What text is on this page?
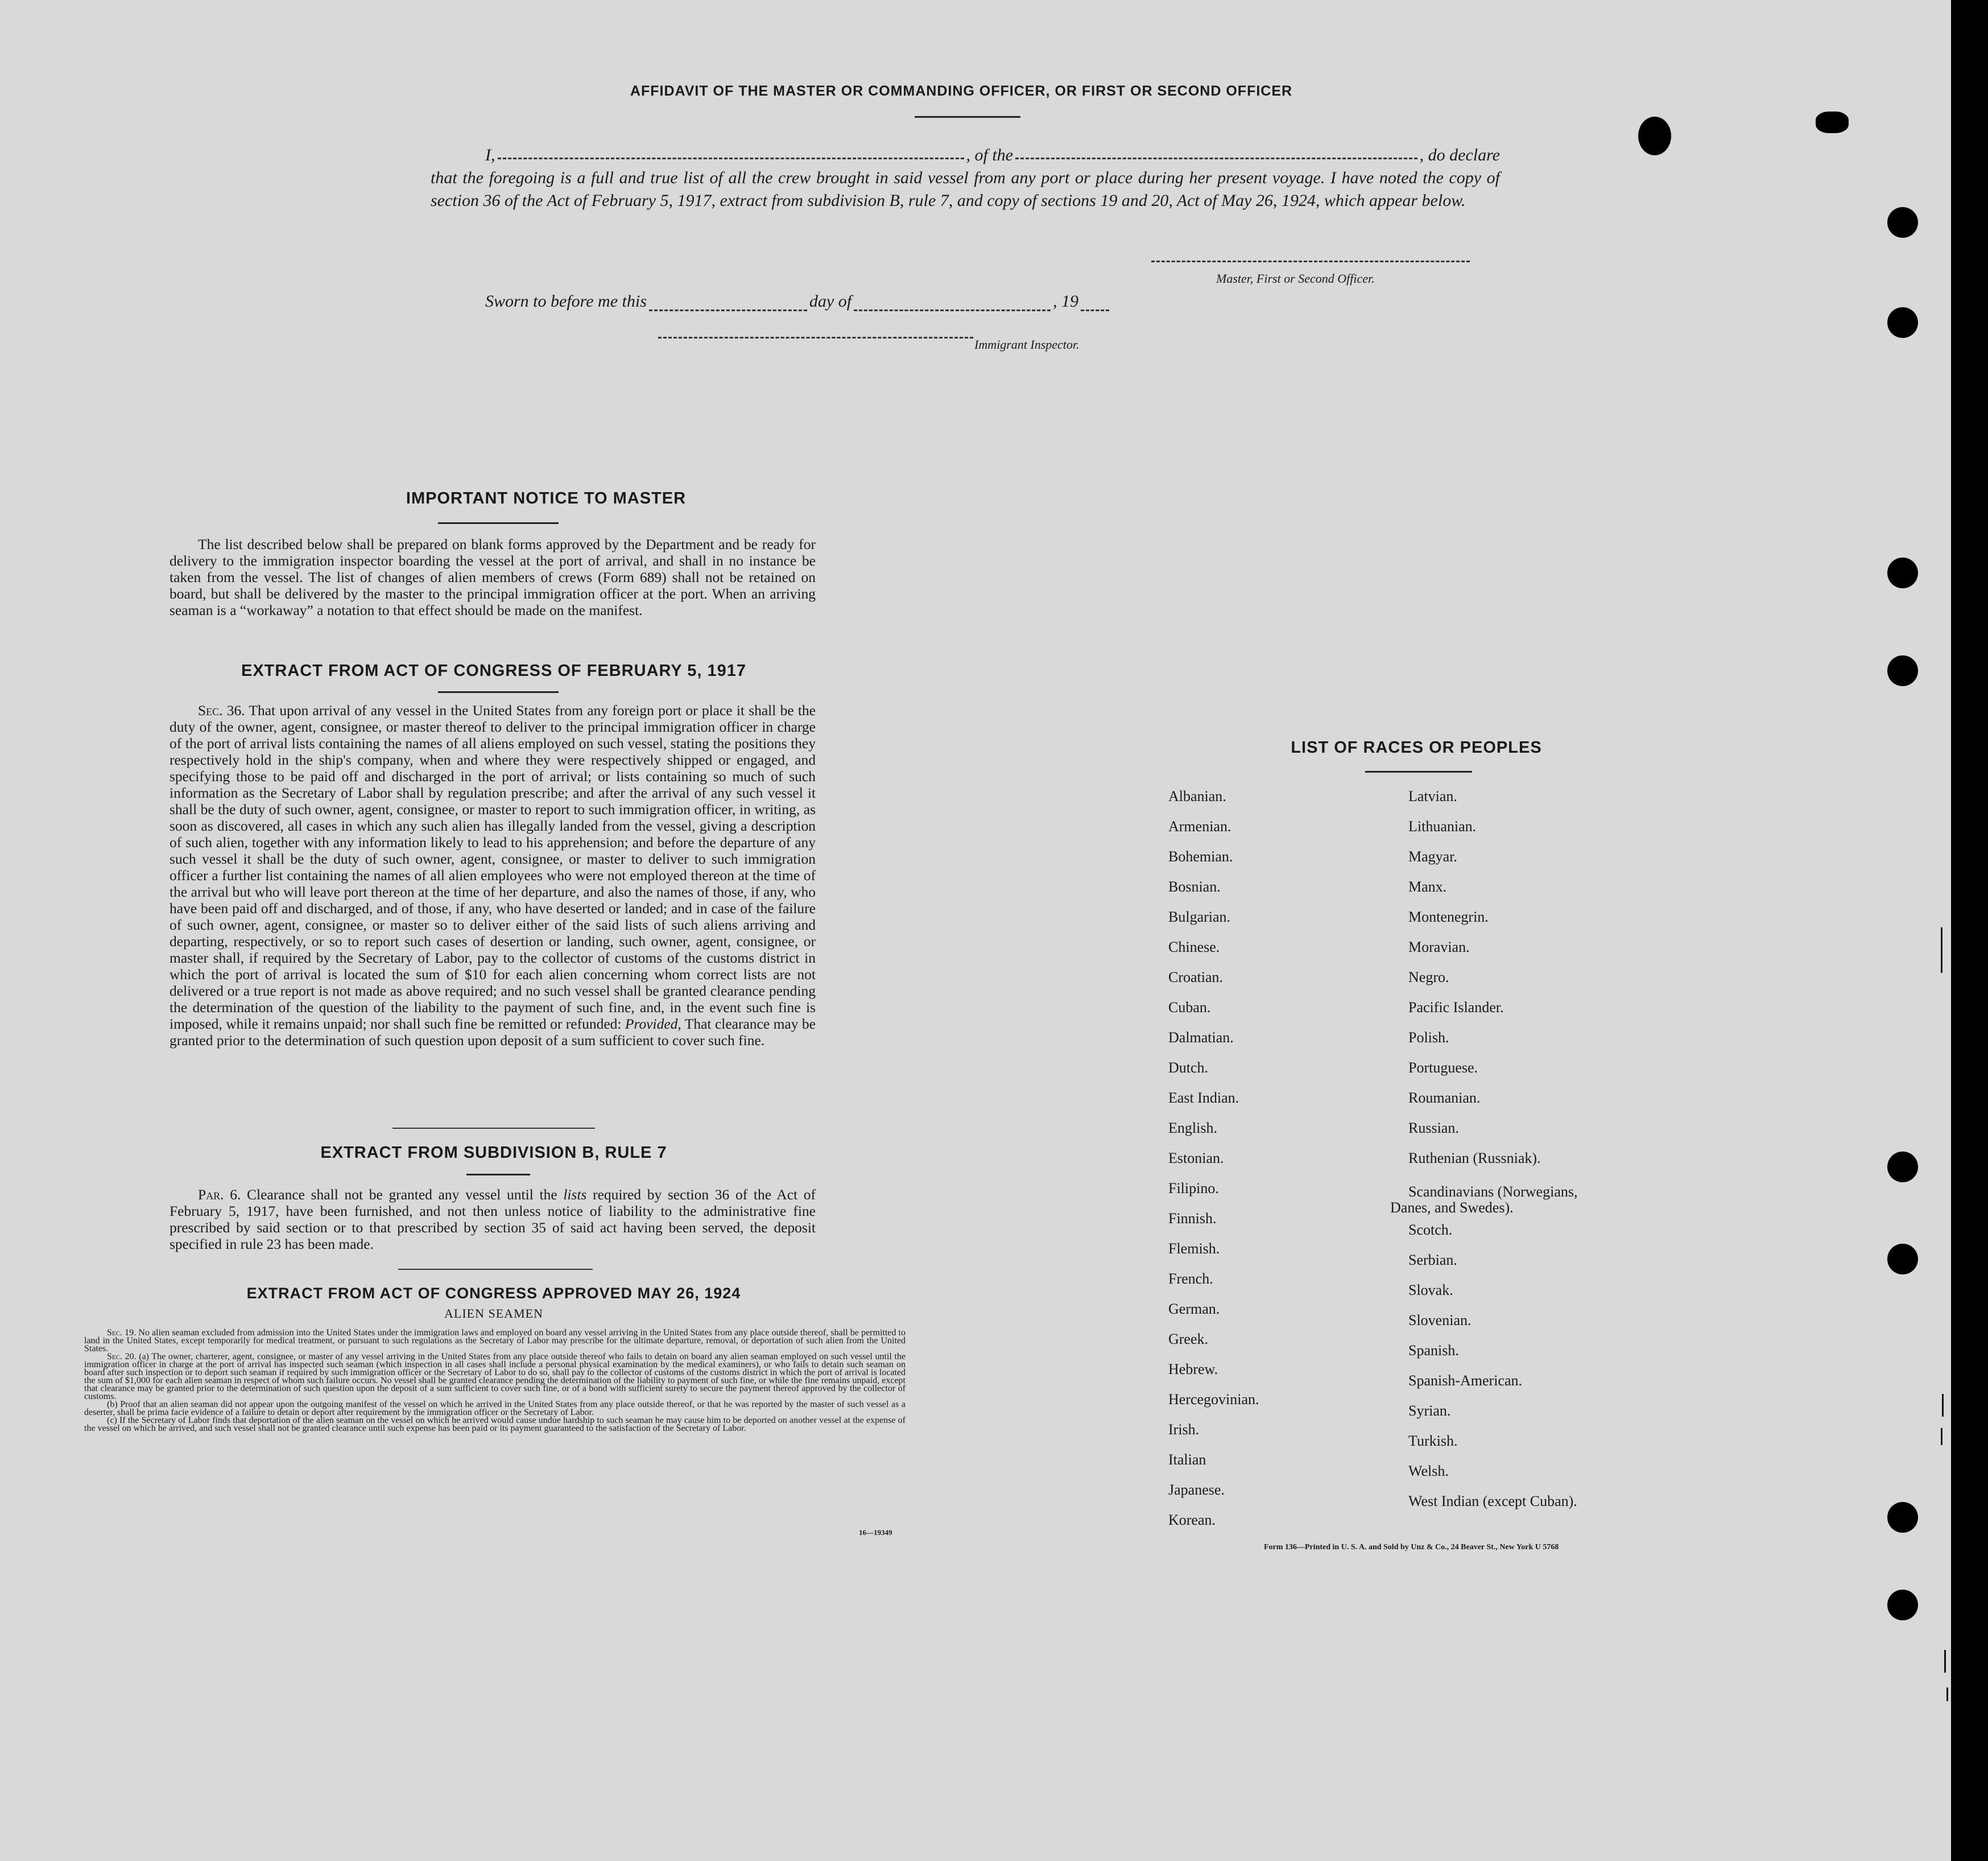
AFFIDAVIT OF THE MASTER OR COMMANDING OFFICER, OR FIRST OR SECOND OFFICER
I,	, of the	, do declare
that the foregoing is a full and true list of all the crew brought in said vessel from any port or place during her present voyage. I have noted the copy of section 36 of the Act of February 5, 1917, extract from subdivision B, rule 7, and copy of sections 19 and 20, Act of May 26, 1924, which appear below.
Master, First or Second Officer.
Sworn to before me this	day of	, 19
Immigrant Inspector.
IMPORTANT NOTICE TO MASTER
The list described below shall be prepared on blank forms approved by the Department and be ready for delivery to the immigration inspector boarding the vessel at the port of arrival, and shall in no instance be taken from the vessel. The list of changes of alien members of crews (Form 689) shall not be retained on board, but shall be delivered by the master to the principal immigration officer at the port. When an arriving seaman is a “workaway” a notation to that effect should be made on the manifest.
EXTRACT FROM ACT OF CONGRESS OF FEBRUARY 5, 1917

Sec. 36. That upon arrival of any vessel in the United States from any foreign port or place it shall be the duty of the owner, agent, consignee, or master thereof to deliver to the principal immigration officer in charge of the port of arrival lists containing the names of all aliens employed on such vessel, stating the positions they respectively hold in the ship's company, when and where they were respectively shipped or engaged, and specifying those to be paid off and discharged in the port of arrival; or lists containing so much of such information as the Secretary of Labor shall by regulation prescribe; and after the arrival of any such vessel it shall be the duty of such owner, agent, consignee, or master to report to such immigration officer, in writing, as soon as discovered, all cases in which any such alien has illegally landed from the vessel, giving a description of such alien, together with any information likely to lead to his apprehension; and before the departure of any such vessel it shall be the duty of such owner, agent, consignee, or master to deliver to such immigration officer a further list containing the names of all alien employees who were not employed thereon at the time of the arrival but who will leave port thereon at the time of her departure, and also the names of those, if any, who have been paid off and discharged, and of those, if any, who have deserted or landed; and in case of the failure of such owner, agent, consignee, or master so to deliver either of the said lists of such aliens arriving and departing, respectively, or so to report such cases of desertion or landing, such owner, agent, consignee, or master shall, if required by the Secretary of Labor, pay to the collector of customs of the customs district in which the port of arrival is located the sum of $10 for each alien concerning whom correct lists are not delivered or a true report is not made as above required; and no such vessel shall be granted clearance pending the determination of the question of the liability to the payment of such fine, and, in the event such fine is imposed, while it remains unpaid; nor shall such fine be remitted or refunded: Provided, That clearance may be granted prior to the determination of such question upon deposit of a sum sufficient to cover such fine.

EXTRACT FROM SUBDIVISION B, RULE 7

Par. 6. Clearance shall not be granted any vessel until the lists required by section 36 of the Act of February 5, 1917, have been furnished, and not then unless notice of liability to the administrative fine prescribed by said section or to that prescribed by section 35 of said act having been served, the deposit specified in rule 23 has been made.

EXTRACT FROM ACT OF CONGRESS APPROVED MAY 26, 1924
ALIEN SEAMEN

Sec. 19. No alien seaman excluded from admission into the United States under the immigration laws and employed on board any vessel arriving in the United States from any place outside thereof, shall be permitted to land in the United States, except temporarily for medical treatment, or pursuant to such regulations as the Secretary of Labor may prescribe for the ultimate departure, removal, or deportation of such alien from the United States.

Sec. 20. (a) The owner, charterer, agent, consignee, or master of any vessel arriving in the United States from any place outside thereof who fails to detain on board any alien seaman employed on such vessel until the immigration officer in charge at the port of arrival has inspected such seaman (which inspection in all cases shall include a personal physical examination by the medical examiners), or who fails to detain such seaman on board after such inspection or to deport such seaman if required by such immigration officer or the Secretary of Labor to do so, shall pay to the collector of customs of the customs district in which the port of arrival is located the sum of $1,000 for each alien seaman in respect of whom such failure occurs. No vessel shall be granted clearance pending the determination of the liability to payment of such fine, or while the fine remains unpaid, except that clearance may be granted prior to the determination of such question upon the deposit of a sum sufficient to cover such fine, or of a bond with sufficient surety to secure the payment thereof approved by the collector of customs.

(b) Proof that an alien seaman did not appear upon the outgoing manifest of the vessel on which he arrived in the United States from any place outside thereof, or that he was reported by the master of such vessel as a deserter, shall be prima facie evidence of a failure to detain or deport after requirement by the immigration officer or the Secretary of Labor.

(c) If the Secretary of Labor finds that deportation of the alien seaman on the vessel on which he arrived would cause undue hardship to such seaman he may cause him to be deported on another vessel at the expense of the vessel on which he arrived, and such vessel shall not be granted clearance until such expense has been paid or its payment guaranteed to the satisfaction of the Secretary of Labor.

16—19349
LIST OF RACES OR PEOPLES
Form 136—Printed in U. S. A. and Sold by Unz & Co., 24 Beaver St., New York U 5768
Albanian.
Armenian.
Bohemian.
Bosnian.
Bulgarian.
Chinese.
Croatian.
Cuban.
Dalmatian.
Dutch.
East Indian.
English.
Estonian.
Filipino.
Finnish.
Flemish.
French.
German.
Greek.
Hebrew.
Hercegovinian.
Irish.
Italian
Japanese.
Korean.
Latvian.
Lithuanian.
Magyar.
Manx.
Montenegrin.
Moravian.
Negro.
Pacific Islander.
Polish.
Portuguese.
Roumanian.
Russian.
Ruthenian (Russniak).
Scandinavians (Norwegians,
Danes, and Swedes).
Scotch.
Serbian.
Slovak.
Slovenian.
Spanish.
Spanish-American.
Syrian.
Turkish.
Welsh.
West Indian (except Cuban).
